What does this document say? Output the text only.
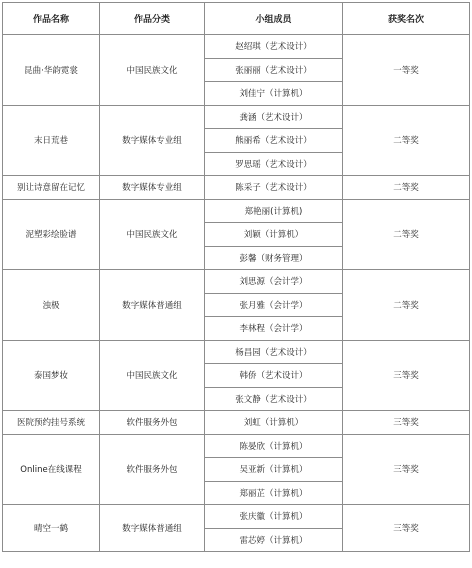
作品名称	作品分类	小组成员	获奖名次
昆曲·华韵霓裳	中国民族文化	赵绍琪（艺术设计）	一等奖
		张丽丽（艺术设计）	
		刘佳宁（计算机）	
末日荒巷	数字媒体专业组	龚涵（艺术设计）	二等奖
		熊丽希（艺术设计）	
		罗思瑶（艺术设计）	
别让诗意留在记忆	数字媒体专业组	陈采子（艺术设计）	二等奖
泥塑彩绘脸谱	中国民族文化	郑艳丽(计算机)	二等奖
		刘颖（计算机）	
		彭馨（财务管理）	
浊极	数字媒体普通组	刘思源（会计学）	二等奖
		张月雅（会计学）	
		李林程（会计学）	
泰国梦妆	中国民族文化	杨昌园（艺术设计）	三等奖
		韩侨（艺术设计）	
		张文静（艺术设计）	
医院预约挂号系统	软件服务外包	刘虹（计算机）	三等奖
Online在线课程	软件服务外包	陈晏欣（计算机）	三等奖
		吴亚新（计算机）	
		郑丽芷（计算机）	
晴空一鹤	数字媒体普通组	张庆徽（计算机）	三等奖
		雷芯婷（计算机）	
